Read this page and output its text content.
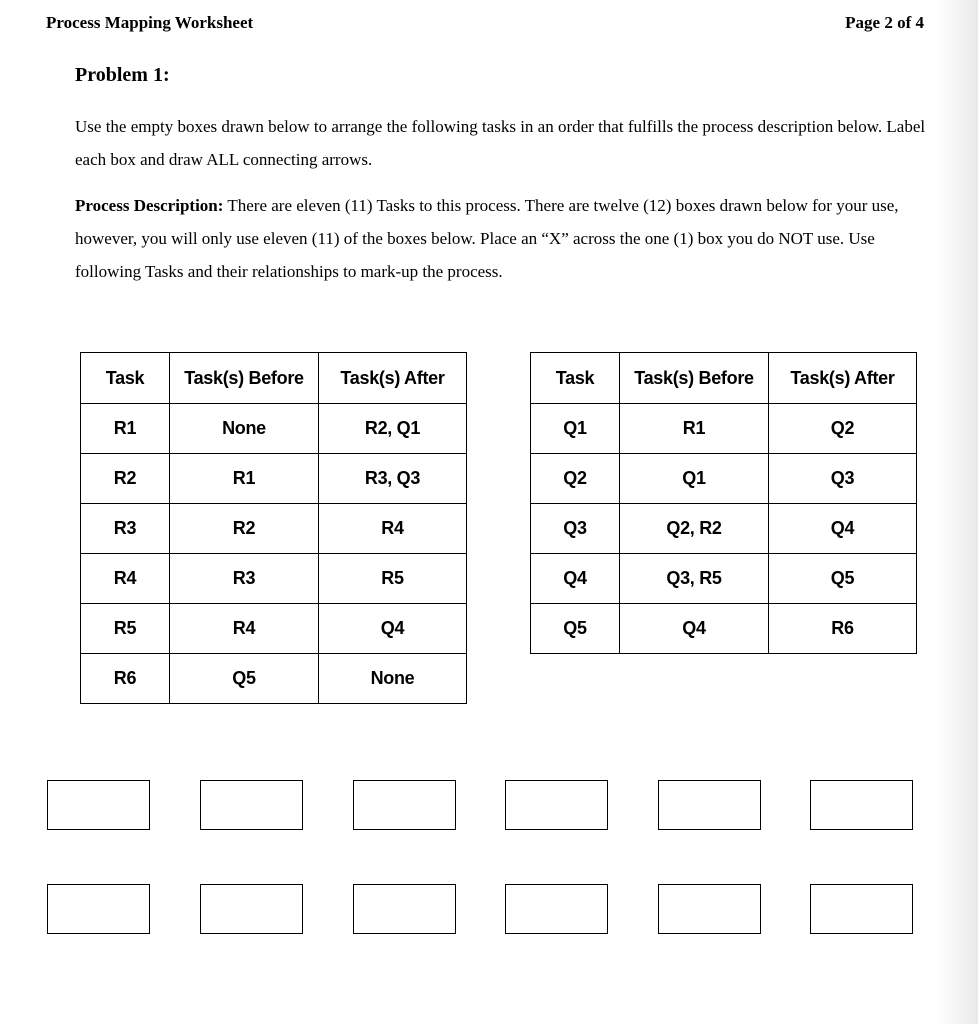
Process Mapping Worksheet	Page 2 of 4
Problem 1:
Use the empty boxes drawn below to arrange the following tasks in an order that fulfills the process description below. Label each box and draw ALL connecting arrows.
Process Description: There are eleven (11) Tasks to this process. There are twelve (12) boxes drawn below for your use, however, you will only use eleven (11) of the boxes below. Place an “X” across the one (1) box you do NOT use. Use following Tasks and their relationships to mark-up the process.
Task	Task(s) Before	Task(s) After
R1	None	R2, Q1
R2	R1	R3, Q3
R3	R2	R4
R4	R3	R5
R5	R4	Q4
R6	Q5	None
Task	Task(s) Before	Task(s) After
Q1	R1	Q2
Q2	Q1	Q3
Q3	Q2, R2	Q4
Q4	Q3, R5	Q5
Q5	Q4	R6
